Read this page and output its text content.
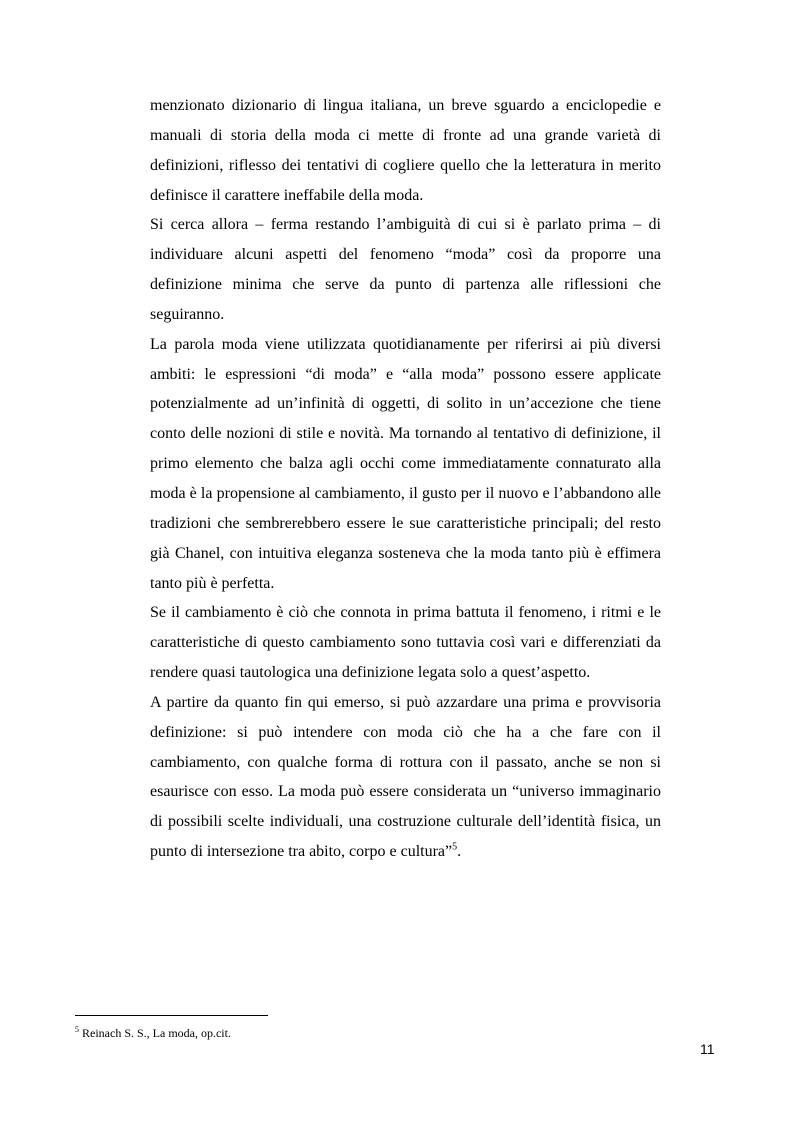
menzionato dizionario di lingua italiana, un breve sguardo a enciclopedie e manuali di storia della moda ci mette di fronte ad una grande varietà di definizioni, riflesso dei tentativi di cogliere quello che la letteratura in merito definisce il carattere ineffabile della moda.

Si cerca allora – ferma restando l’ambiguità di cui si è parlato prima – di individuare alcuni aspetti del fenomeno “moda” così da proporre una definizione minima che serve da punto di partenza alle riflessioni che seguiranno.

La parola moda viene utilizzata quotidianamente per riferirsi ai più diversi ambiti: le espressioni “di moda” e “alla moda” possono essere applicate potenzialmente ad un’infinità di oggetti, di solito in un’accezione che tiene conto delle nozioni di stile e novità. Ma tornando al tentativo di definizione, il primo elemento che balza agli occhi come immediatamente connaturato alla moda è la propensione al cambiamento, il gusto per il nuovo e l’abbandono alle tradizioni che sembrerebbero essere le sue caratteristiche principali; del resto già Chanel, con intuitiva eleganza sosteneva che la moda tanto più è effimera tanto più è perfetta.

Se il cambiamento è ciò che connota in prima battuta il fenomeno, i ritmi e le caratteristiche di questo cambiamento sono tuttavia così vari e differenziati da rendere quasi tautologica una definizione legata solo a quest’aspetto.

A partire da quanto fin qui emerso, si può azzardare una prima e provvisoria definizione: si può intendere con moda ciò che ha a che fare con il cambiamento, con qualche forma di rottura con il passato, anche se non si esaurisce con esso. La moda può essere considerata un “universo immaginario di possibili scelte individuali, una costruzione culturale dell’identità fisica, un punto di intersezione tra abito, corpo e cultura”$^5$.

$^5$ Reinach S. S., La moda, op.cit.
11
